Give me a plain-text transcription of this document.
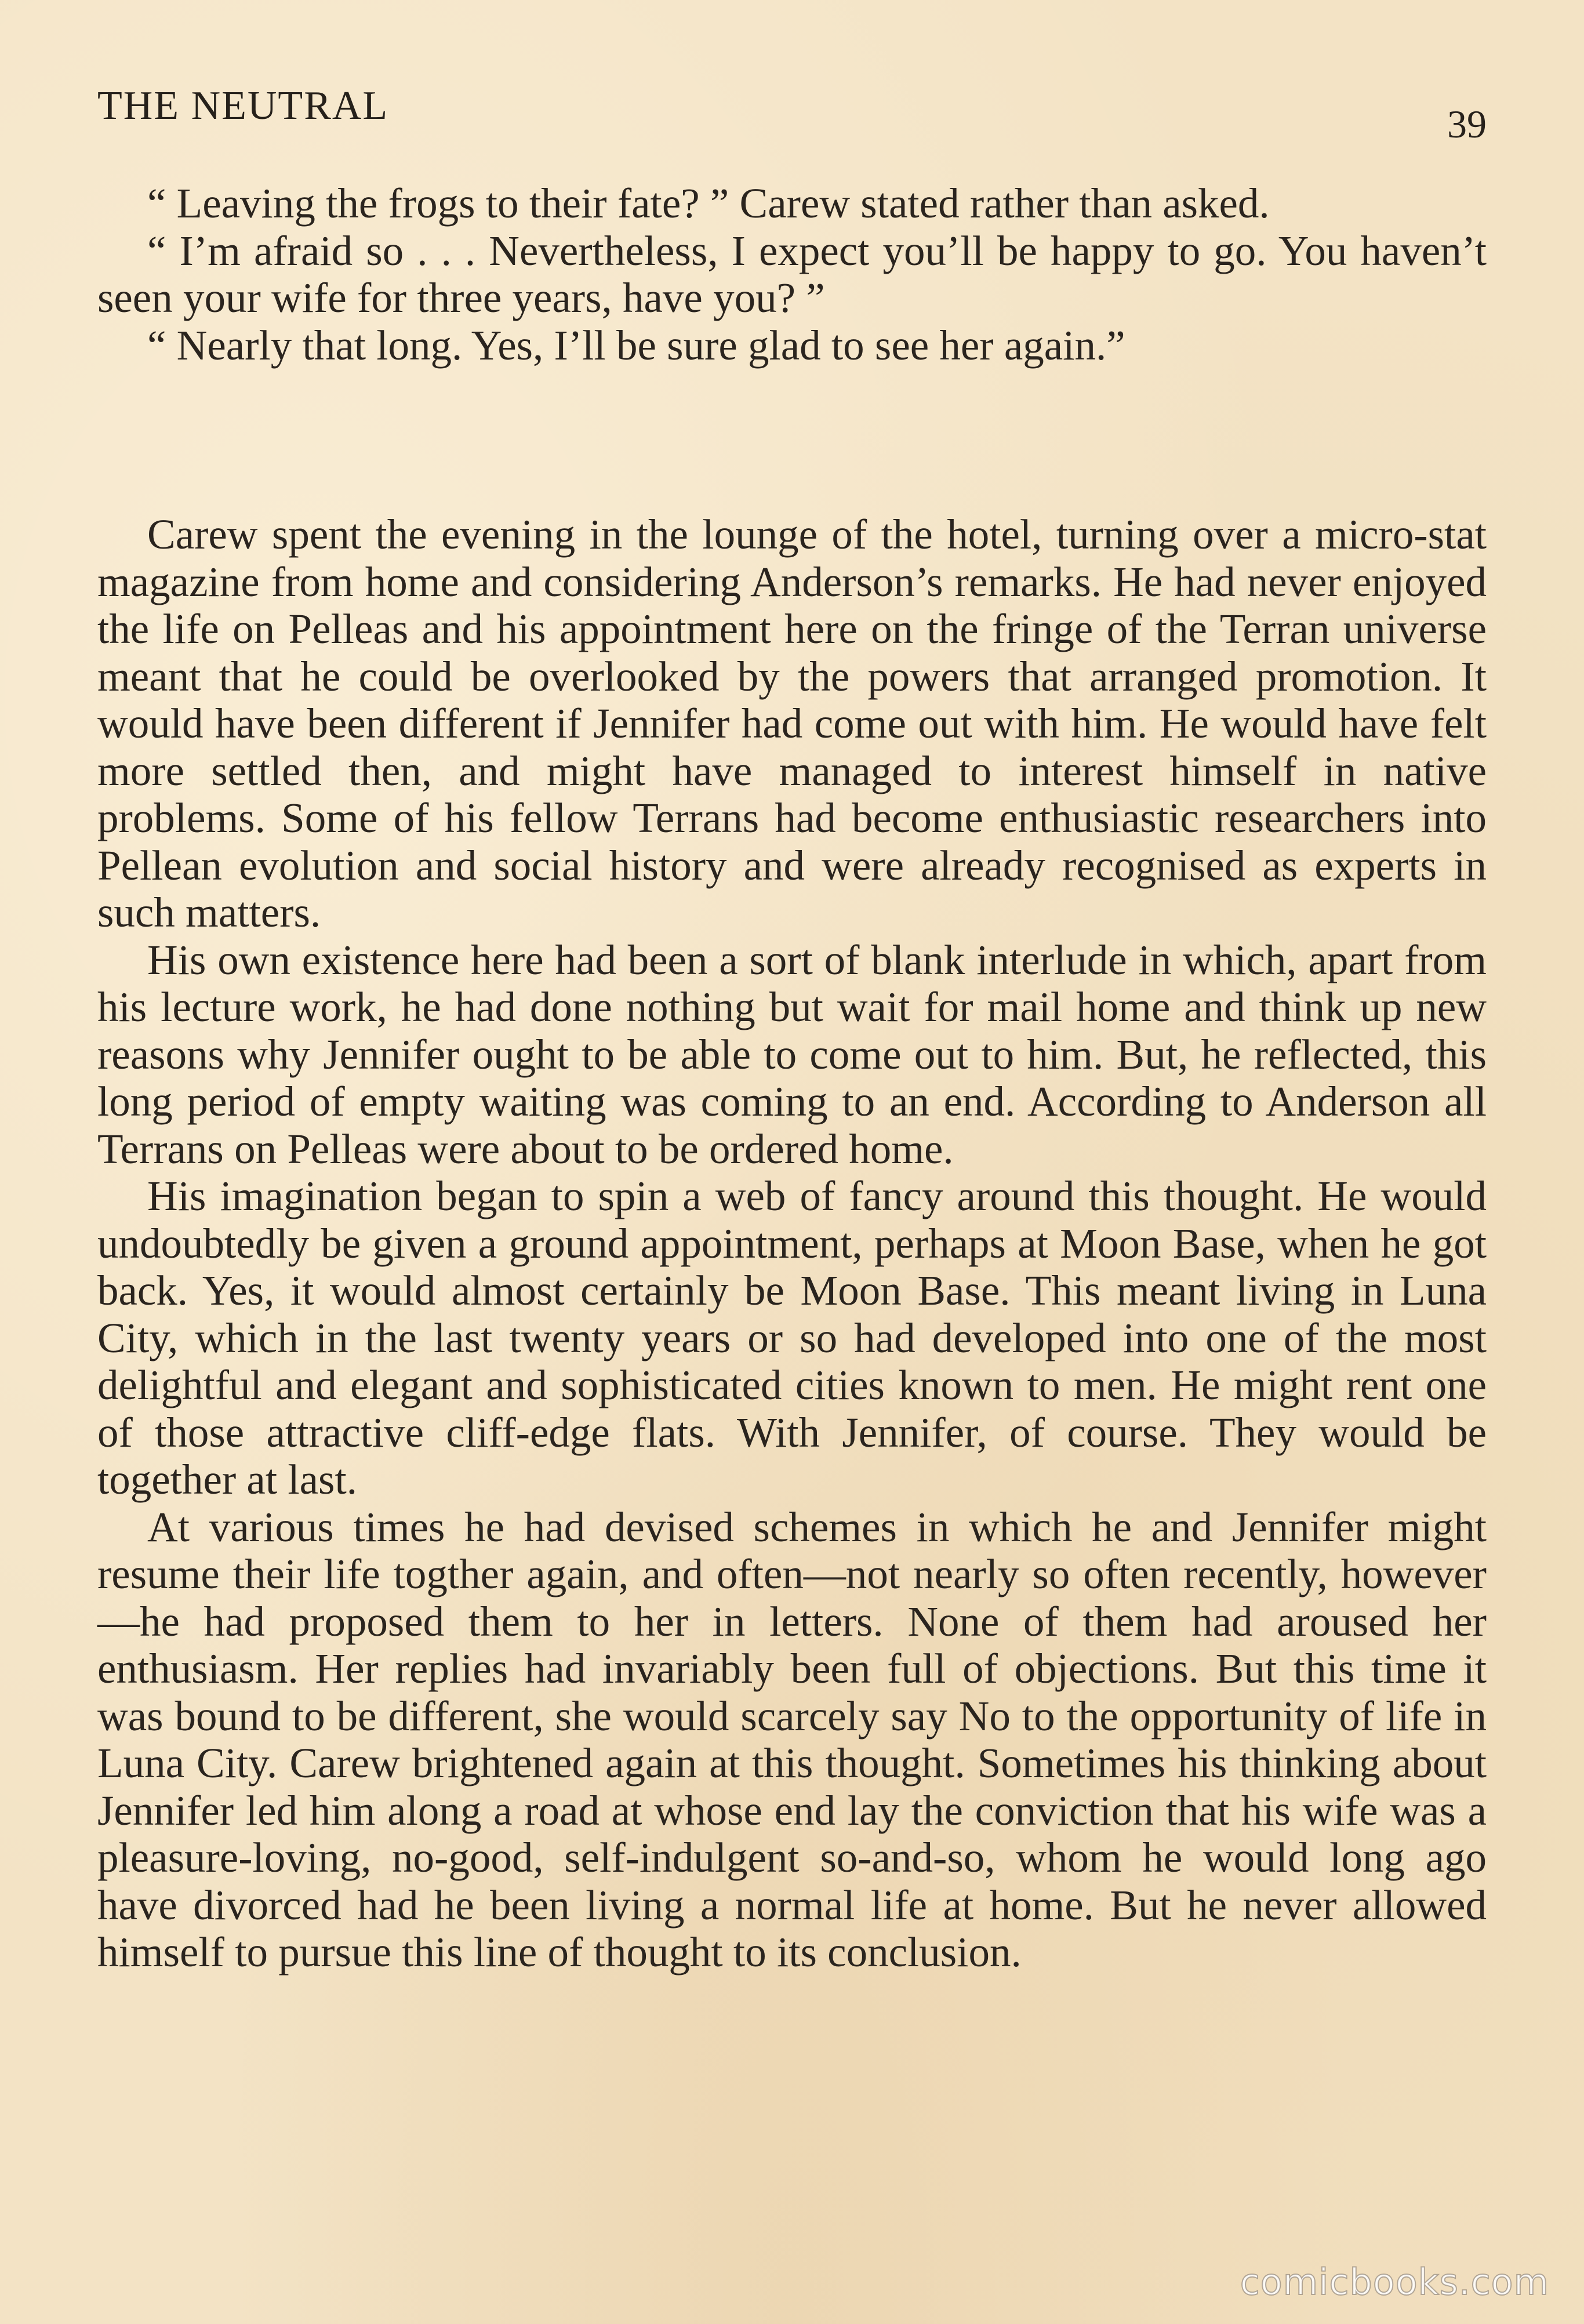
THE NEUTRAL	39

“ Leaving the frogs to their fate? ” Carew stated rather than asked.

“ I’m afraid so . . . Nevertheless, I expect you’ll be happy to go. You haven’t seen your wife for three years, have you? ”

“ Nearly that long. Yes, I’ll be sure glad to see her again.”

Carew spent the evening in the lounge of the hotel, turning over a micro-stat magazine from home and considering Anderson’s remarks. He had never enjoyed the life on Pelleas and his appointment here on the fringe of the Terran universe meant that he could be overlooked by the powers that arranged promotion. It would have been different if Jennifer had come out with him. He would have felt more settled then, and might have managed to interest himself in native problems. Some of his fellow Terrans had become enthusiastic researchers into Pellean evolution and social history and were already recognised as experts in such matters.

His own existence here had been a sort of blank interlude in which, apart from his lecture work, he had done nothing but wait for mail home and think up new reasons why Jennifer ought to be able to come out to him. But, he reflected, this long period of empty waiting was coming to an end. According to Anderson all Terrans on Pelleas were about to be ordered home.

His imagination began to spin a web of fancy around this thought. He would undoubtedly be given a ground appointment, perhaps at Moon Base, when he got back. Yes, it would almost certainly be Moon Base. This meant living in Luna City, which in the last twenty years or so had developed into one of the most delightful and elegant and sophisticated cities known to men. He might rent one of those attractive cliff-edge flats. With Jennifer, of course. They would be together at last.

At various times he had devised schemes in which he and Jennifer might resume their life togther again, and often—not nearly so often recently, however—he had proposed them to her in letters. None of them had aroused her enthusiasm. Her replies had invariably been full of objections. But this time it was bound to be different, she would scarcely say No to the opportunity of life in Luna City. Carew brightened again at this thought. Sometimes his thinking about Jennifer led him along a road at whose end lay the conviction that his wife was a pleasure-loving, no-good, self-indulgent so-and-so, whom he would long ago have divorced had he been living a normal life at home. But he never allowed himself to pursue this line of thought to its conclusion.

comicbooks.com
